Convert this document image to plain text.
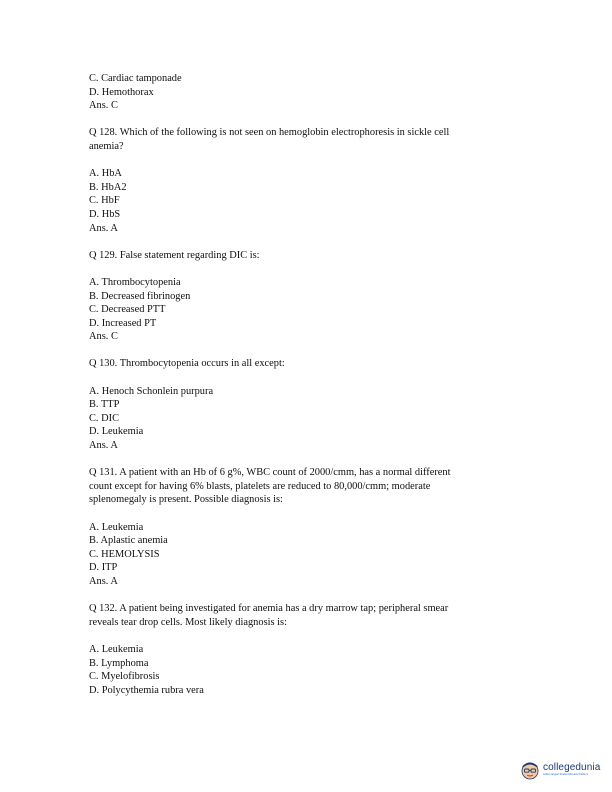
C. Cardiac tamponade
D. Hemothorax
Ans. C
Q 128. Which of the following is not seen on hemoglobin electrophoresis in sickle cell
anemia?
A. HbA
B. HbA2
C. HbF
D. HbS
Ans. A
Q 129. False statement regarding DIC is:
A. Thrombocytopenia
B. Decreased fibrinogen
C. Decreased PTT
D. Increased PT
Ans. C
Q 130. Thrombocytopenia occurs in all except:
A. Henoch Schonlein purpura
B. TTP
C. DIC
D. Leukemia
Ans. A
Q 131. A patient with an Hb of 6 g%, WBC count of 2000/cmm, has a normal different
count except for having 6% blasts, platelets are reduced to 80,000/cmm; moderate
splenomegaly is present. Possible diagnosis is:
A. Leukemia
B. Aplastic anemia
C. HEMOLYSIS
D. ITP
Ans. A
Q 132. A patient being investigated for anemia has a dry marrow tap; peripheral smear
reveals tear drop cells. Most likely diagnosis is:
A. Leukemia
B. Lymphoma
C. Myelofibrosis
D. Polycythemia rubra vera
collegedunia
India's largest Student Review Platform
